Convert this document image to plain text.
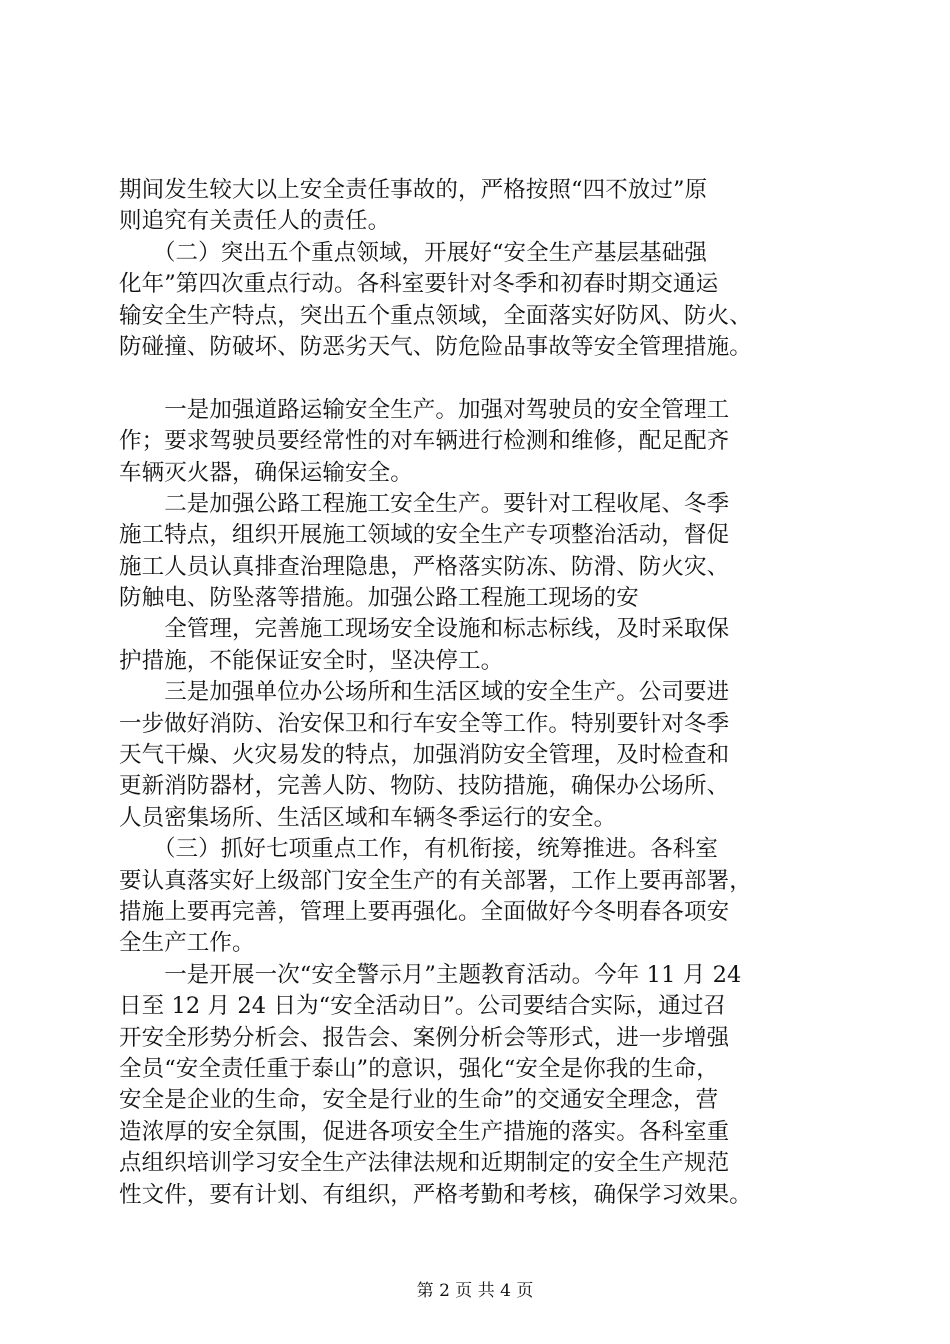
期间发生较大以上安全责任事故的，严格按照“四不放过”原
则追究有关责任人的责任。
　　（二）突出五个重点领域，开展好“安全生产基层基础强
化年”第四次重点行动。各科室要针对冬季和初春时期交通运
输安全生产特点，突出五个重点领域，全面落实好防风、防火、
防碰撞、防破坏、防恶劣天气、防危险品事故等安全管理措施。
　　一是加强道路运输安全生产。加强对驾驶员的安全管理工
作；要求驾驶员要经常性的对车辆进行检测和维修，配足配齐
车辆灭火器，确保运输安全。
　　二是加强公路工程施工安全生产。要针对工程收尾、冬季
施工特点，组织开展施工领域的安全生产专项整治活动，督促
施工人员认真排查治理隐患，严格落实防冻、防滑、防火灾、
防触电、防坠落等措施。加强公路工程施工现场的安
　　全管理，完善施工现场安全设施和标志标线，及时采取保
护措施，不能保证安全时，坚决停工。
　　三是加强单位办公场所和生活区域的安全生产。公司要进
一步做好消防、治安保卫和行车安全等工作。特别要针对冬季
天气干燥、火灾易发的特点，加强消防安全管理，及时检查和
更新消防器材，完善人防、物防、技防措施，确保办公场所、
人员密集场所、生活区域和车辆冬季运行的安全。
　　（三）抓好七项重点工作，有机衔接，统筹推进。各科室
要认真落实好上级部门安全生产的有关部署，工作上要再部署，
措施上要再完善，管理上要再强化。全面做好今冬明春各项安
全生产工作。
　　一是开展一次“安全警示月”主题教育活动。今年 11 月 24
日至 12 月 24 日为“安全活动日”。公司要结合实际，通过召
开安全形势分析会、报告会、案例分析会等形式，进一步增强
全员“安全责任重于泰山”的意识，强化“安全是你我的生命，
安全是企业的生命，安全是行业的生命”的交通安全理念，营
造浓厚的安全氛围，促进各项安全生产措施的落实。各科室重
点组织培训学习安全生产法律法规和近期制定的安全生产规范
性文件，要有计划、有组织，严格考勤和考核，确保学习效果。
第 2 页 共 4 页
